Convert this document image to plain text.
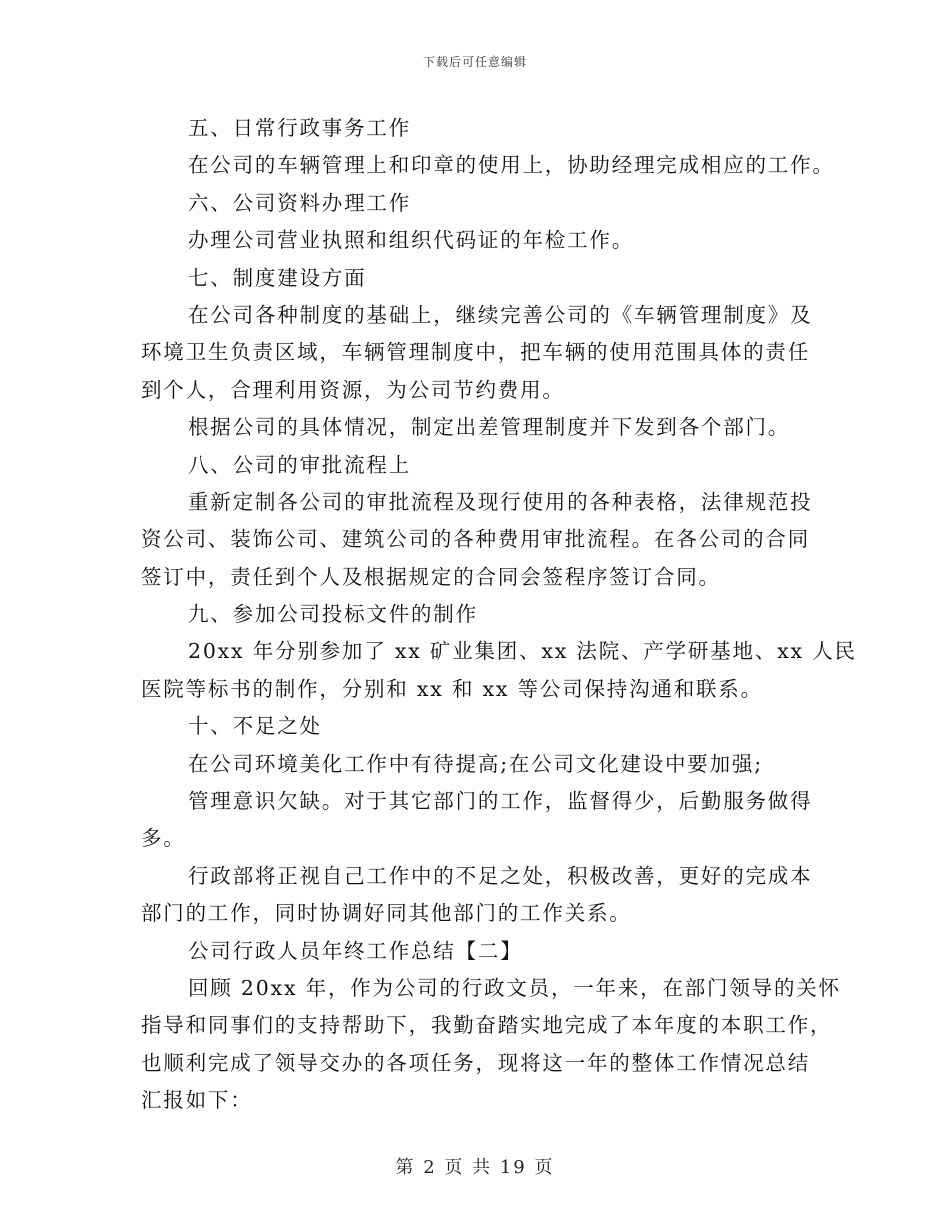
下载后可任意编辑
五、日常行政事务工作
在公司的车辆管理上和印章的使用上，协助经理完成相应的工作。
六、公司资料办理工作
办理公司营业执照和组织代码证的年检工作。
七、制度建设方面
在公司各种制度的基础上，继续完善公司的《车辆管理制度》及
环境卫生负责区域，车辆管理制度中，把车辆的使用范围具体的责任
到个人，合理利用资源，为公司节约费用。
根据公司的具体情况，制定出差管理制度并下发到各个部门。
八、公司的审批流程上
重新定制各公司的审批流程及现行使用的各种表格，法律规范投
资公司、装饰公司、建筑公司的各种费用审批流程。在各公司的合同
签订中，责任到个人及根据规定的合同会签程序签订合同。
九、参加公司投标文件的制作
20xx 年分别参加了 xx 矿业集团、xx 法院、产学研基地、xx 人民
医院等标书的制作，分别和 xx 和 xx 等公司保持沟通和联系。
十、不足之处
在公司环境美化工作中有待提高;在公司文化建设中要加强;
管理意识欠缺。对于其它部门的工作，监督得少，后勤服务做得
多。
行政部将正视自己工作中的不足之处，积极改善，更好的完成本
部门的工作，同时协调好同其他部门的工作关系。
公司行政人员年终工作总结【二】
回顾 20xx 年，作为公司的行政文员，一年来，在部门领导的关怀
指导和同事们的支持帮助下，我勤奋踏实地完成了本年度的本职工作，
也顺利完成了领导交办的各项任务，现将这一年的整体工作情况总结
汇报如下：
第 2 页 共 19 页
